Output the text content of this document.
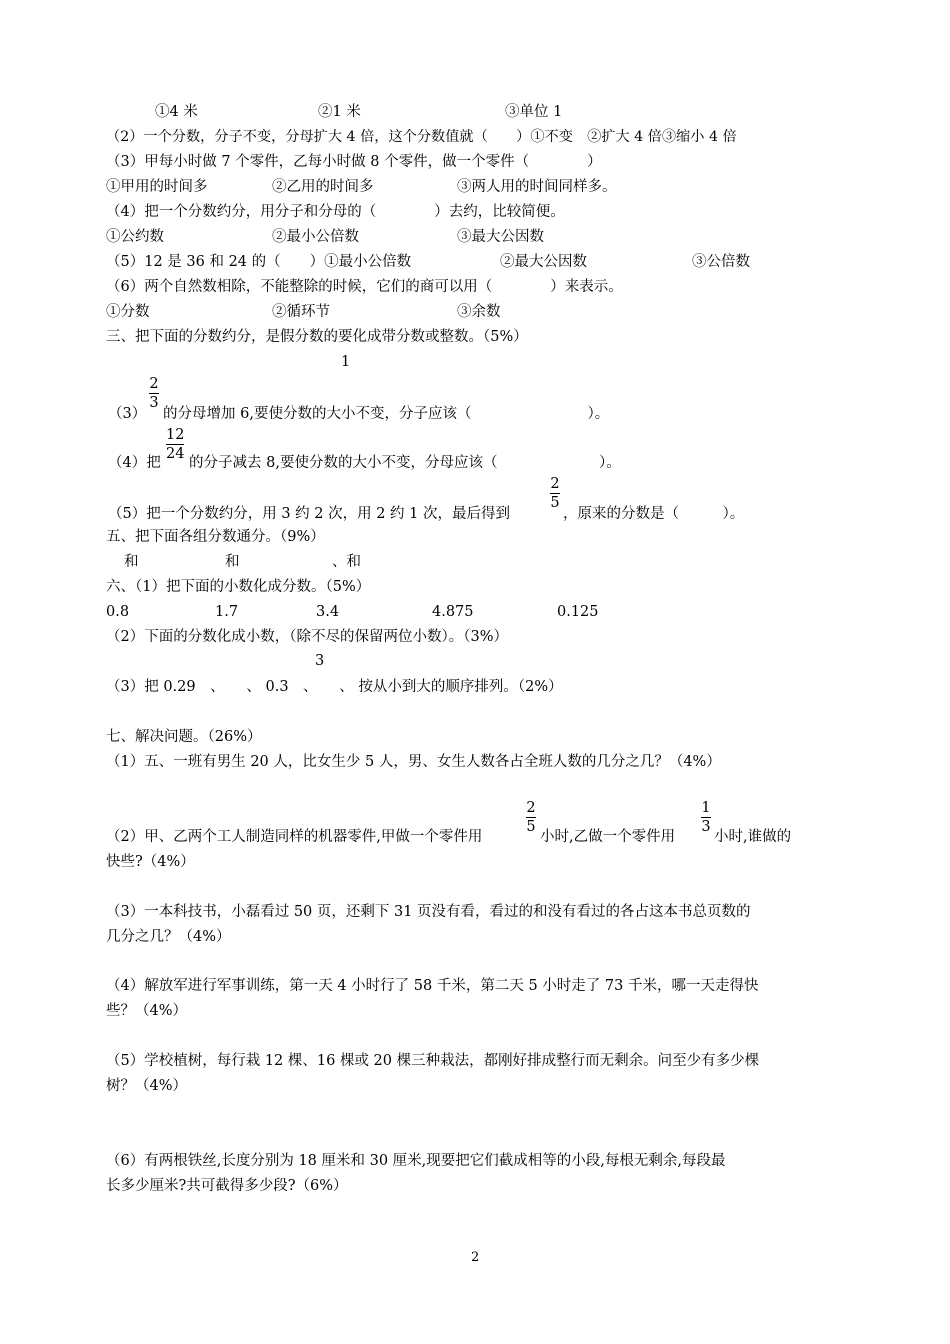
①4 米	②1 米	③单位 1
（2）一个分数，分子不变，分母扩大 4 倍，这个分数值就（　　）①不变　②扩大 4 倍③缩小 4 倍
（3）甲每小时做 7 个零件，乙每小时做 8 个零件，做一个零件（　　　　）
①甲用的时间多	②乙用的时间多	③两人用的时间同样多。
（4）把一个分数约分，用分子和分母的（　　　　）去约，比较简便。
①公约数	②最小公倍数	③最大公因数
（5）12 是 36 和 24 的（　　）①最小公倍数	②最大公因数	③公倍数
（6）两个自然数相除，不能整除的时候，它们的商可以用（　　　　）来表示。
①分数	②循环节	③余数
三、把下面的分数约分，是假分数的要化成带分数或整数。（5%）
1
（3）
2
3
的分母增加 6,要使分数的大小不变，分子应该（　　　　　　　　）。
（4）把
12
24
的分子减去 8,要使分数的大小不变，分母应该（　　　　　　　）。
（5）把一个分数约分，用 3 约 2 次，用 2 约 1 次，最后得到
2
5
，原来的分数是（　　　）。
五、把下面各组分数通分。（9%）
和	和	、和
六、（1）把下面的小数化成分数。（5%）
0.8	1.7	3.4	4.875	0.125
（2）下面的分数化成小数，（除不尽的保留两位小数）。（3%）
3
（3）把 0.29　、　　、 0.3　、　　、 按从小到大的顺序排列。（2%）
七、解决问题。（26%）
（1）五、一班有男生 20 人，比女生少 5 人，男、女生人数各占全班人数的几分之几？（4%）
（2）甲、乙两个工人制造同样的机器零件,甲做一个零件用
2
5
小时,乙做一个零件用
1
3
小时,谁做的
快些?（4%）
（3）一本科技书，小磊看过 50 页，还剩下 31 页没有看，看过的和没有看过的各占这本书总页数的
几分之几？（4%）
（4）解放军进行军事训练，第一天 4 小时行了 58 千米，第二天 5 小时走了 73 千米，哪一天走得快
些？（4%）
（5）学校植树，每行栽 12 棵、16 棵或 20 棵三种栽法，都刚好排成整行而无剩余。问至少有多少棵
树？（4%）
（6）有两根铁丝,长度分别为 18 厘米和 30 厘米,现要把它们截成相等的小段,每根无剩余,每段最
长多少厘米?共可截得多少段?（6%）
2
